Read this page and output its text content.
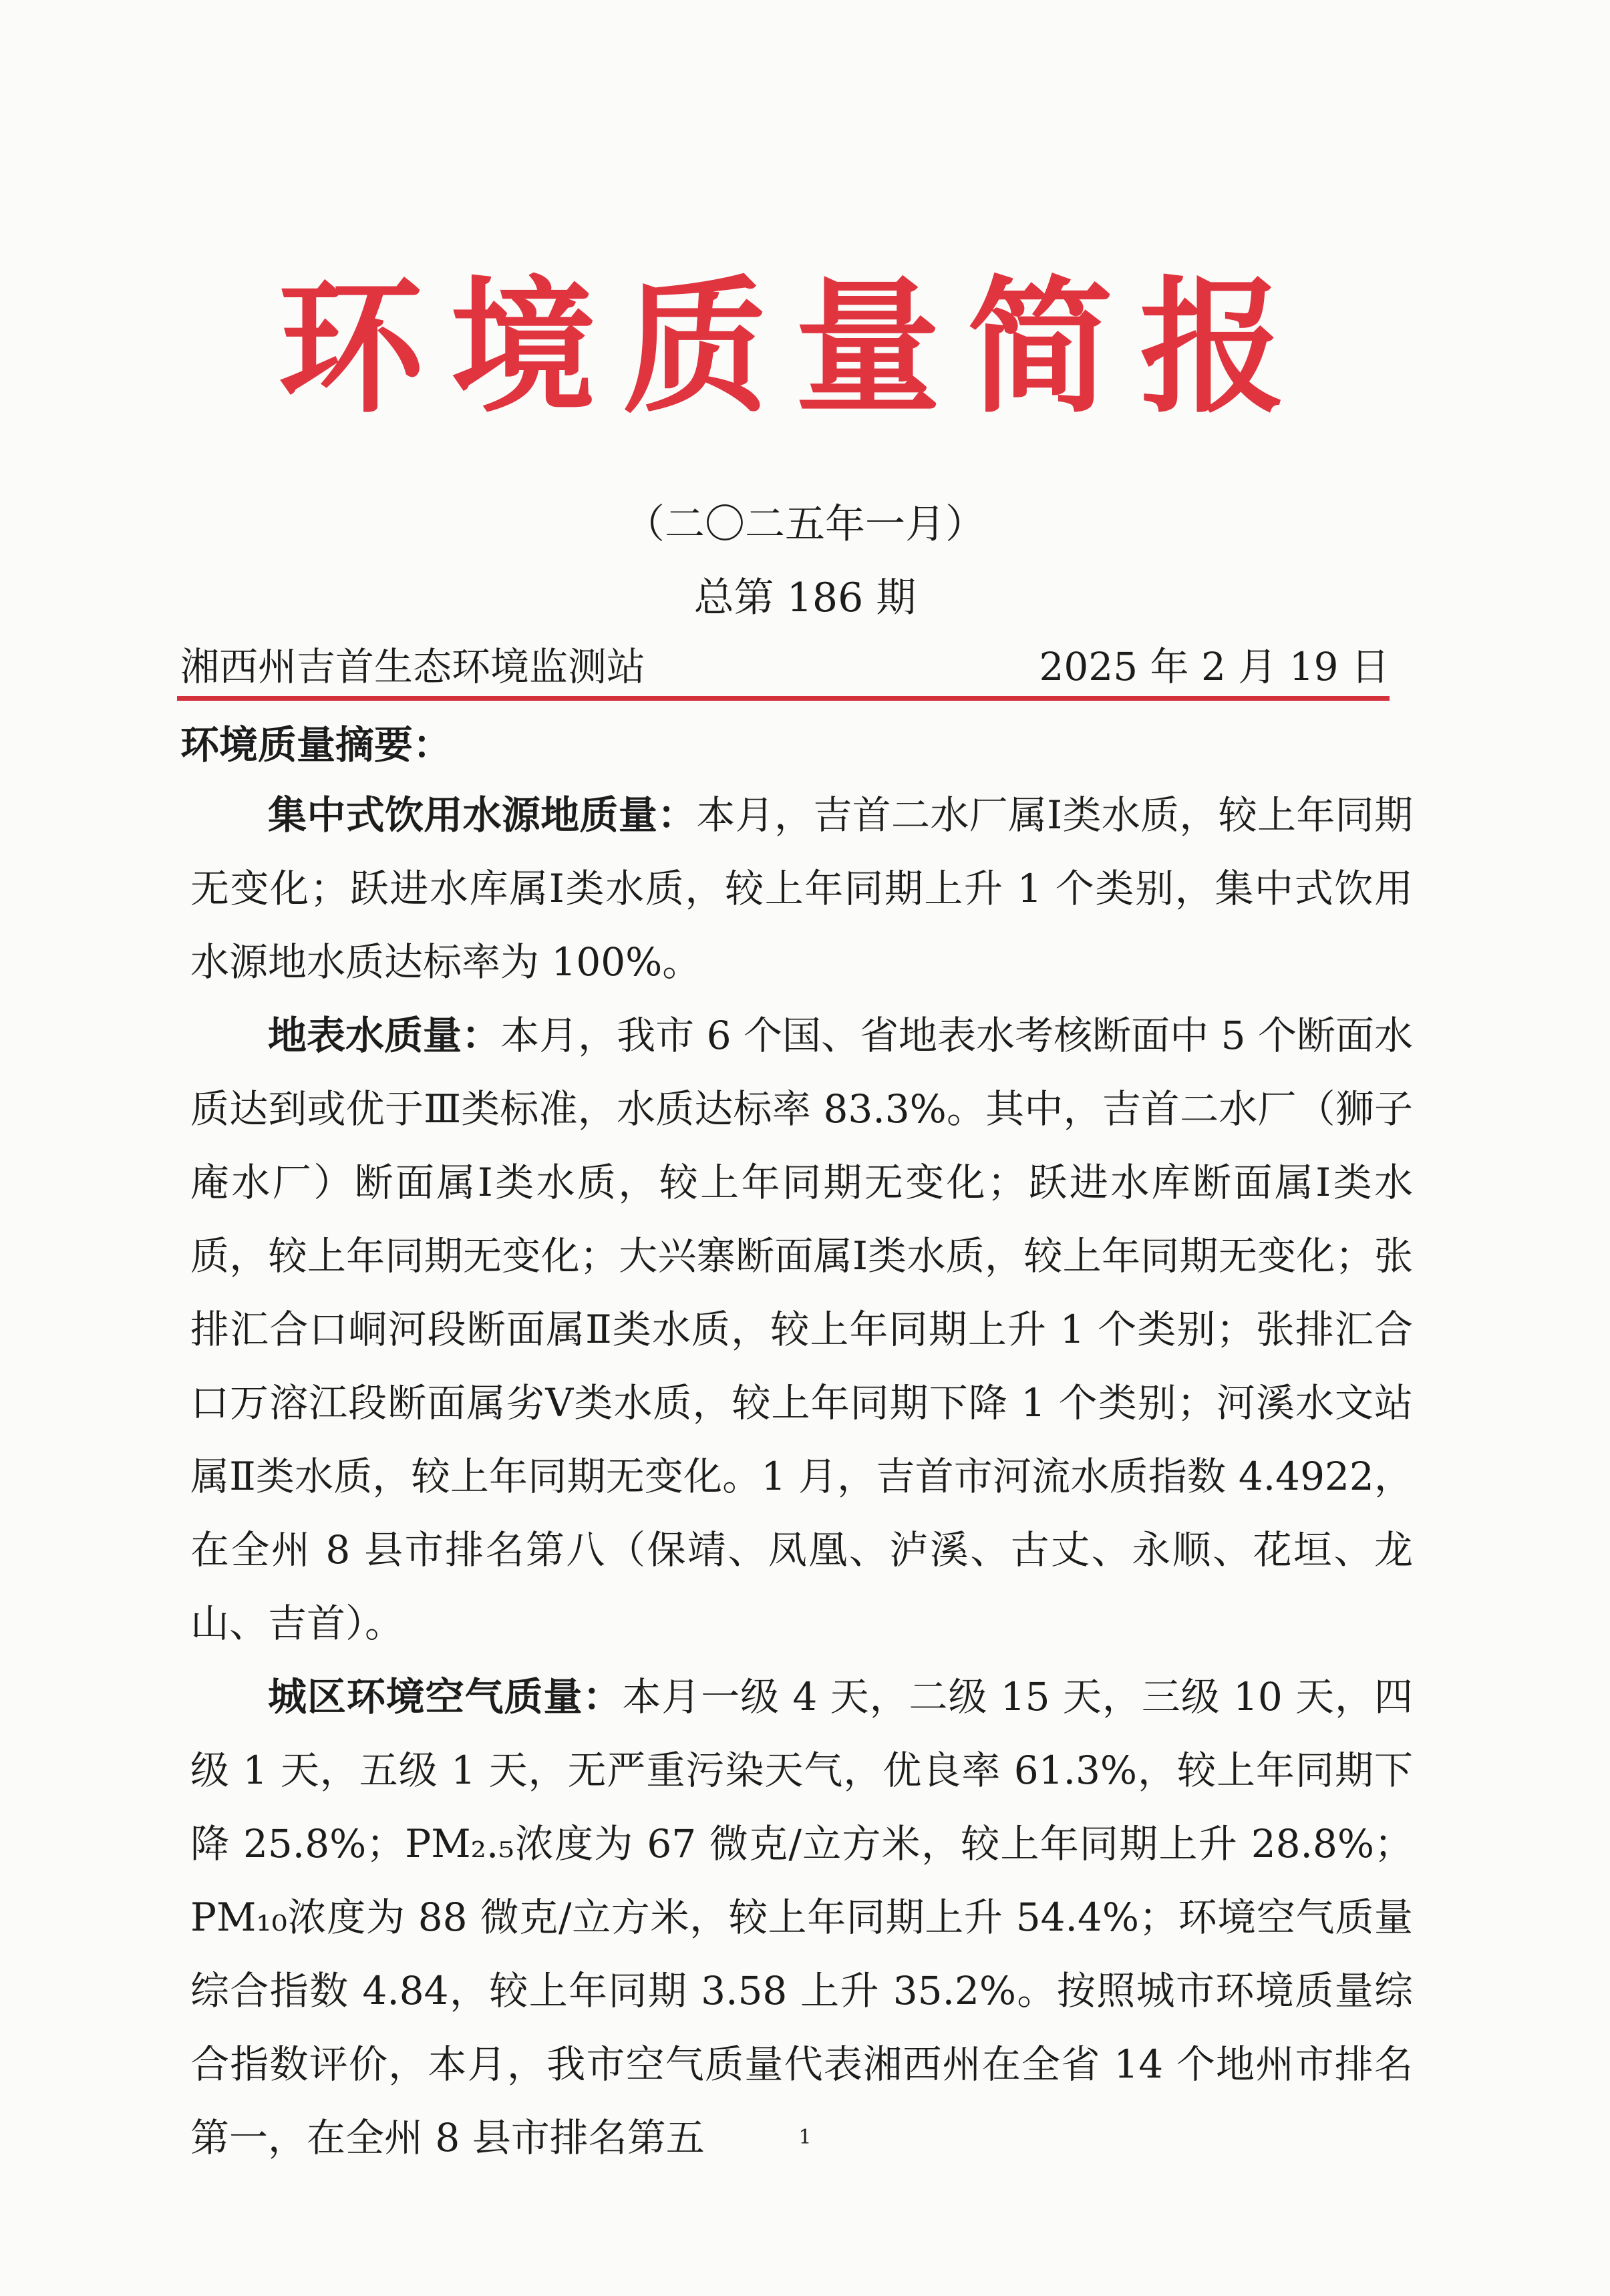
环境质量简报
（二〇二五年一月）
总第 186 期
湘西州吉首生态环境监测站	2025 年 2 月 19 日
环境质量摘要：

集中式饮用水源地质量：本月，吉首二水厂属Ⅰ类水质，较上年同期无变化；跃进水库属Ⅰ类水质，较上年同期上升 1 个类别，集中式饮用水源地水质达标率为 100%。

地表水质量：本月，我市 6 个国、省地表水考核断面中 5 个断面水质达到或优于Ⅲ类标准，水质达标率 83.3%。其中，吉首二水厂（狮子庵水厂）断面属Ⅰ类水质，较上年同期无变化；跃进水库断面属Ⅰ类水质，较上年同期无变化；大兴寨断面属Ⅰ类水质，较上年同期无变化；张排汇合口峒河段断面属Ⅱ类水质，较上年同期上升 1 个类别；张排汇合口万溶江段断面属劣Ⅴ类水质，较上年同期下降 1 个类别；河溪水文站属Ⅱ类水质，较上年同期无变化。1 月，吉首市河流水质指数 4.4922，在全州 8 县市排名第八（保靖、凤凰、泸溪、古丈、永顺、花垣、龙山、吉首）。

城区环境空气质量：本月一级 4 天，二级 15 天，三级 10 天，四级 1 天，五级 1 天，无严重污染天气，优良率 61.3%，较上年同期下降 25.8%；PM₂.₅浓度为 67 微克/立方米，较上年同期上升 28.8%；PM₁₀浓度为 88 微克/立方米，较上年同期上升 54.4%；环境空气质量综合指数 4.84，较上年同期 3.58 上升 35.2%。按照城市环境质量综合指数评价，本月，我市空气质量代表湘西州在全省 14 个地州市排名第一，在全州 8 县市排名第五	1
